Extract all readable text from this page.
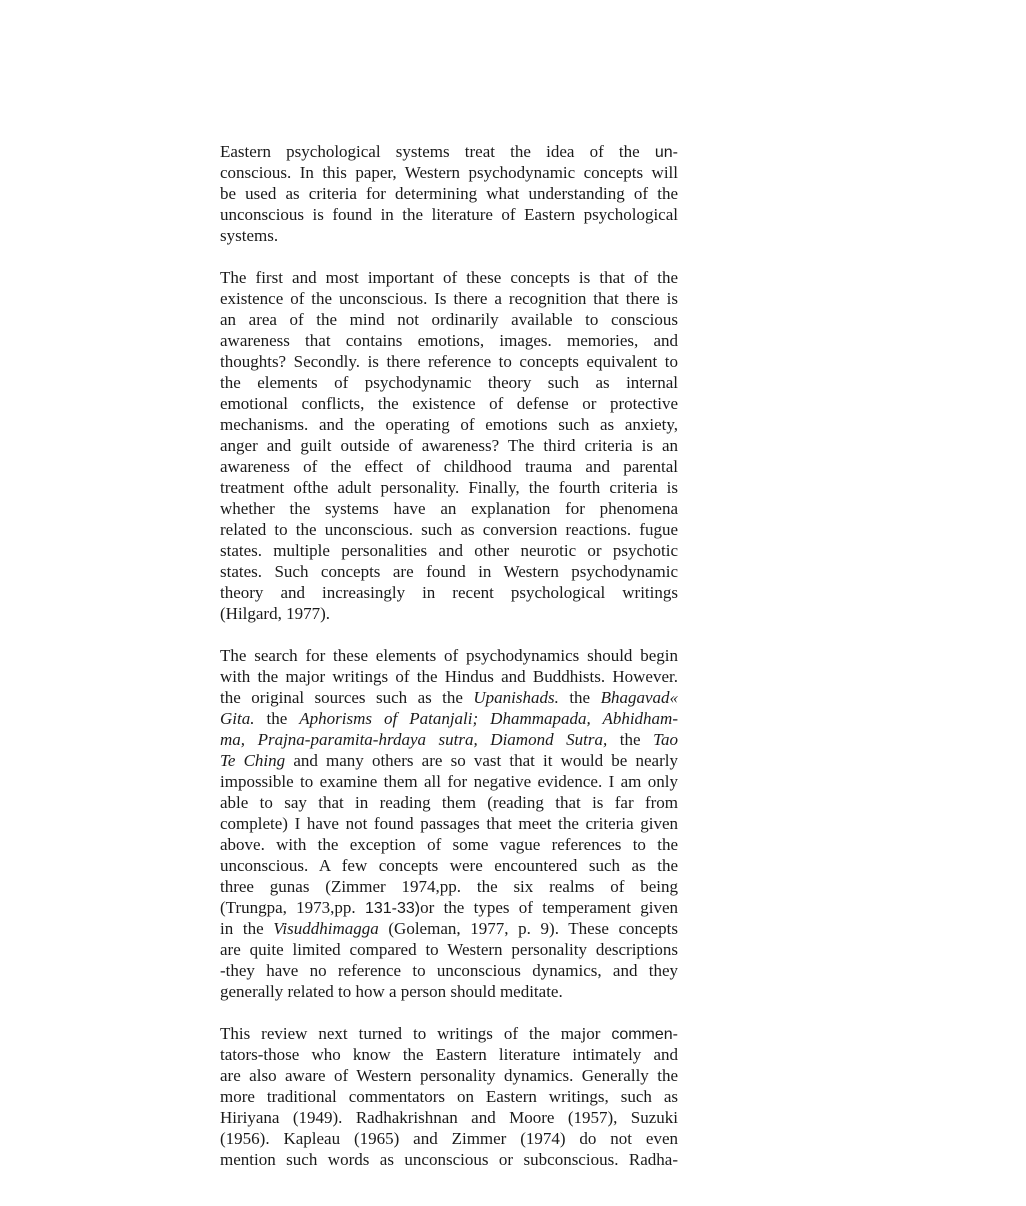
Eastern psychological systems treat the idea of the un-
conscious. In this paper, Western psychodynamic concepts will
be used as criteria for determining what understanding of the
unconscious is found in the literature of Eastern psychological
systems.
The first and most important of these concepts is that of the
existence of the unconscious. Is there a recognition that there is
an area of the mind not ordinarily available to conscious
awareness that contains emotions, images. memories, and
thoughts? Secondly. is there reference to concepts equivalent to
the elements of psychodynamic theory such as internal
emotional conflicts, the existence of defense or protective
mechanisms. and the operating of emotions such as anxiety,
anger and guilt outside of awareness? The third criteria is an
awareness of the effect of childhood trauma and parental
treatment ofthe adult personality. Finally, the fourth criteria is
whether the systems have an explanation for phenomena
related to the unconscious. such as conversion reactions. fugue
states. multiple personalities and other neurotic or psychotic
states. Such concepts are found in Western psychodynamic
theory and increasingly in recent psychological writings
(Hilgard, 1977).
The search for these elements of psychodynamics should begin
with the major writings of the Hindus and Buddhists. However.
the original sources such as the Upanishads. the Bhagavad«
Gita. the Aphorisms of Patanjali; Dhammapada, Abhidham-
ma, Prajna-paramita-hrdaya sutra, Diamond Sutra, the Tao
Te Ching and many others are so vast that it would be nearly
impossible to examine them all for negative evidence. I am only
able to say that in reading them (reading that is far from
complete) I have not found passages that meet the criteria given
above. with the exception of some vague references to the
unconscious. A few concepts were encountered such as the
three gunas (Zimmer 1974,pp. the six realms of being
(Trungpa, 1973,pp. 131-33)or the types of temperament given
in the Visuddhimagga (Goleman, 1977, p. 9). These concepts
are quite limited compared to Western personality descriptions
-they have no reference to unconscious dynamics, and they
generally related to how a person should meditate.
This review next turned to writings of the major commen-
tators-those who know the Eastern literature intimately and
are also aware of Western personality dynamics. Generally the
more traditional commentators on Eastern writings, such as
Hiriyana (1949). Radhakrishnan and Moore (1957), Suzuki
(1956). Kapleau (1965) and Zimmer (1974) do not even
mention such words as unconscious or subconscious. Radha-
